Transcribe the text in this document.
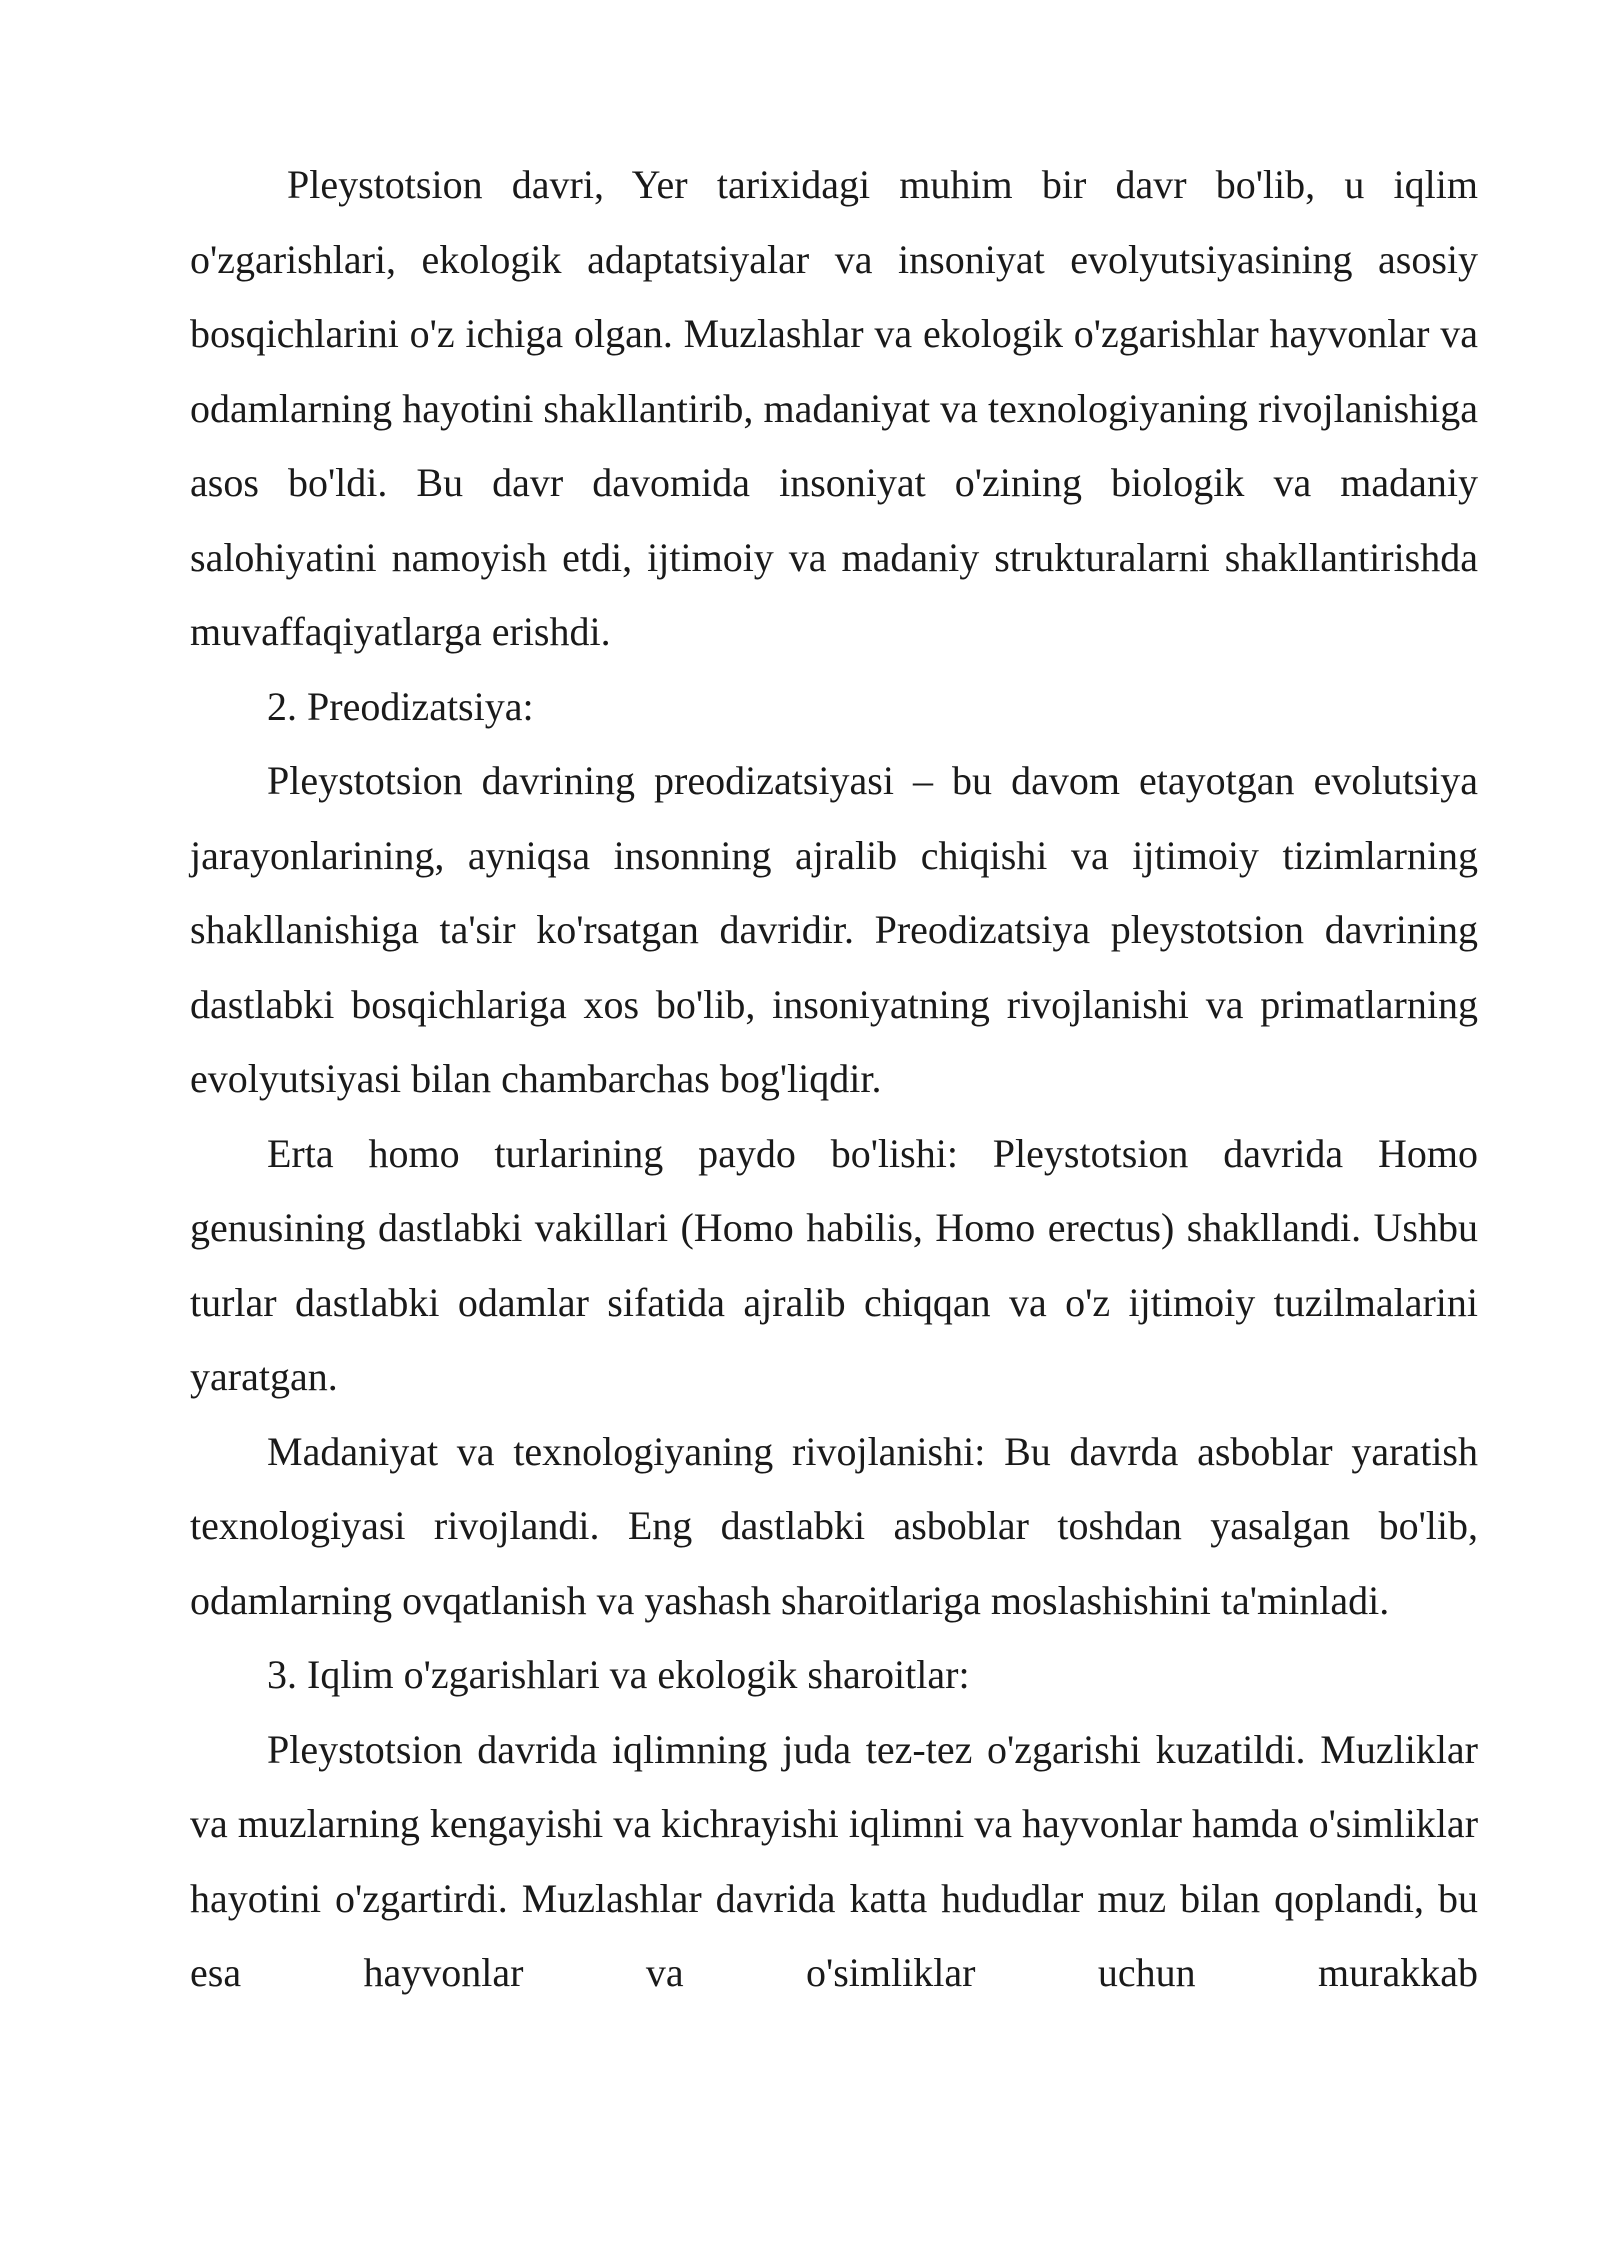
Pleystotsion davri, Yer tarixidagi muhim bir davr bo'lib, u iqlim o'zgarishlari, ekologik adaptatsiyalar va insoniyat evolyutsiyasining asosiy bosqichlarini o'z ichiga olgan. Muzlashlar va ekologik o'zgarishlar hayvonlar va odamlarning hayotini shakllantirib, madaniyat va texnologiyaning rivojlanishiga asos bo'ldi. Bu davr davomida insoniyat o'zining biologik va madaniy salohiyatini namoyish etdi, ijtimoiy va madaniy strukturalarni shakllantirishda muvaffaqiyatlarga erishdi.

2. Preodizatsiya:

Pleystotsion davrining preodizatsiyasi – bu davom etayotgan evolutsiya jarayonlarining, ayniqsa insonning ajralib chiqishi va ijtimoiy tizimlarning shakllanishiga ta'sir ko'rsatgan davridir. Preodizatsiya pleystotsion davrining dastlabki bosqichlariga xos bo'lib, insoniyatning rivojlanishi va primatlarning evolyutsiyasi bilan chambarchas bog'liqdir.

Erta homo turlarining paydo bo'lishi: Pleystotsion davrida Homo genusining dastlabki vakillari (Homo habilis, Homo erectus) shakllandi. Ushbu turlar dastlabki odamlar sifatida ajralib chiqqan va o'z ijtimoiy tuzilmalarini yaratgan.

Madaniyat va texnologiyaning rivojlanishi: Bu davrda asboblar yaratish texnologiyasi rivojlandi. Eng dastlabki asboblar toshdan yasalgan bo'lib, odamlarning ovqatlanish va yashash sharoitlariga moslashishini ta'minladi.

3. Iqlim o'zgarishlari va ekologik sharoitlar:

Pleystotsion davrida iqlimning juda tez-tez o'zgarishi kuzatildi. Muzliklar va muzlarning kengayishi va kichrayishi iqlimni va hayvonlar hamda o'simliklar hayotini o'zgartirdi. Muzlashlar davrida katta hududlar muz bilan qoplandi, bu esa hayvonlar va o'simliklar uchun murakkab
